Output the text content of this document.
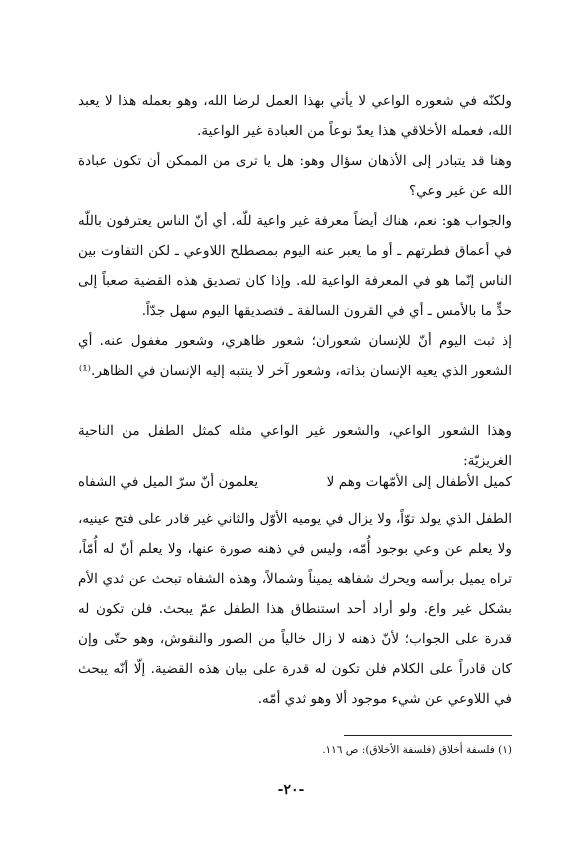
ولكنّه في شعوره الواعي لا يأتي بهذا العمل لرضا الله، وهو بعمله هذا لا يعبد الله، فعمله الأخلاقي هذا يعدّ نوعاً من العبادة غير الواعية.

وهنا قد يتبادر إلى الأذهان سؤال وهو: هل يا ترى من الممكن أن تكون عبادة الله عن غير وعي؟

والجواب هو: نعم، هناك أيضاً معرفة غير واعية للّه. أي أنّ الناس يعترفون باللّه في أعماق فطرتهم ـ أو ما يعبر عنه اليوم بمصطلح اللاوعي ـ لكن التفاوت بين الناس إنّما هو في المعرفة الواعية لله. وإذا كان تصديق هذه القضية صعباً إلى حدٍّ ما بالأمس ـ أي في القرون السالفة ـ فتصديقها اليوم سهل جدّاً.

إذ ثبت اليوم أنّ للإنسان شعوران؛ شعور ظاهري، وشعور مغفول عنه. أي الشعور الذي يعيه الإنسان بذاته، وشعور آخر لا ينتبه إليه الإنسان في الظاهر.⁽¹⁾

وهذا الشعور الواعي، والشعور غير الواعي مثله كمثل الطفل من الناحية الغريزيّة:

كميل الأطفال إلى الأمّهات وهم لا
يعلمون أنّ سرّ الميل في الشفاه

الطفل الذي يولد توّاً، ولا يزال في يوميه الأوّل والثاني غير قادر على فتح عينيه، ولا يعلم عن وعي بوجود أُمّه، وليس في ذهنه صورة عنها، ولا يعلم أنّ له أُمّاً، تراه يميل برأسه ويحرك شفاهه يميناً وشمالاً، وهذه الشفاه تبحث عن ثدي الأم بشكل غير واع. ولو أراد أحد استنطاق هذا الطفل عمّ يبحث. فلن تكون له قدرة على الجواب؛ لأنّ ذهنه لا زال خالياً من الصور والنقوش، وهو حتّى وإن كان قادراً على الكلام فلن تكون له قدرة على بيان هذه القضية. إلّا أنّه يبحث في اللاوعي عن شيء موجود ألا وهو ثدي أمّه.

(١) فلسفة أخلاق (فلسفة الأخلاق): ص ١١٦.
-٢٠-
